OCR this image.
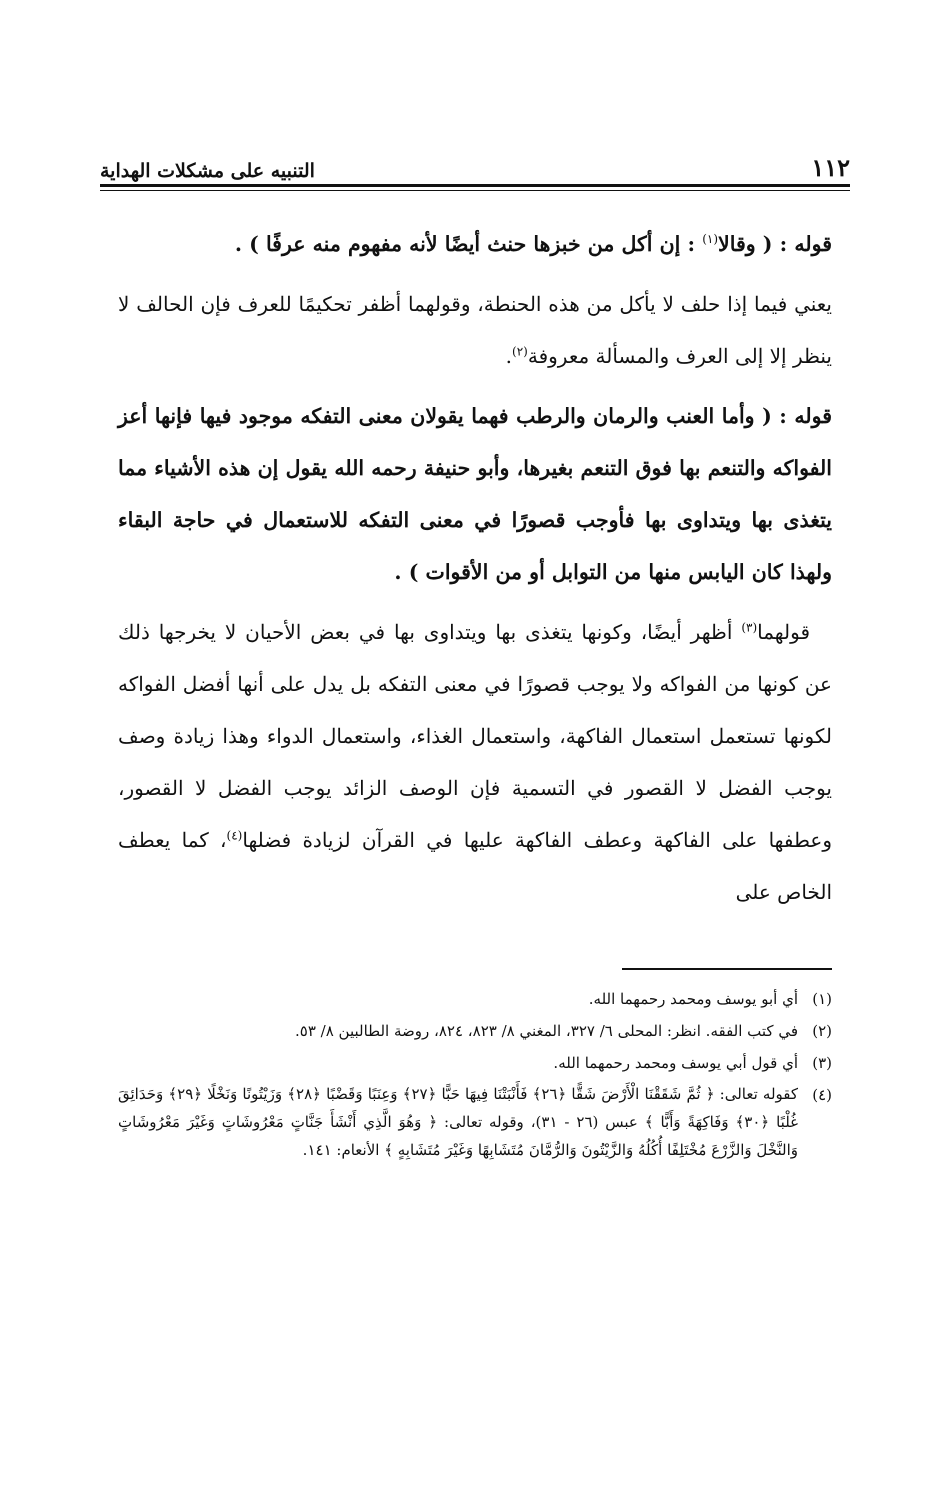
١١٢
التنبيه على مشكلات الهداية

قوله : ( وقالا$^{(١)}$ : إن أكل من خبزها حنث أيضًا لأنه مفهوم منه عرفًا ) .

يعني فيما إذا حلف لا يأكل من هذه الحنطة، وقولهما أظفر تحكيمًا للعرف فإن الحالف لا ينظر إلا إلى العرف والمسألة معروفة$^{(٢)}$.

قوله : ( وأما العنب والرمان والرطب فهما يقولان معنى التفكه موجود فيها فإنها أعز الفواكه والتنعم بها فوق التنعم بغيرها، وأبو حنيفة رحمه الله يقول إن هذه الأشياء مما يتغذى بها ويتداوى بها فأوجب قصورًا في معنى التفكه للاستعمال في حاجة البقاء ولهذا كان اليابس منها من التوابل أو من الأقوات ) .

قولهما$^{(٣)}$ أظهر أيضًا، وكونها يتغذى بها ويتداوى بها في بعض الأحيان لا يخرجها ذلك عن كونها من الفواكه ولا يوجب قصورًا في معنى التفكه بل يدل على أنها أفضل الفواكه لكونها تستعمل استعمال الفاكهة، واستعمال الغذاء، واستعمال الدواء وهذا زيادة وصف يوجب الفضل لا القصور في التسمية فإن الوصف الزائد يوجب الفضل لا القصور، وعطفها على الفاكهة وعطف الفاكهة عليها في القرآن لزيادة فضلها$^{(٤)}$، كما يعطف الخاص على

(١)
أي أبو يوسف ومحمد رحمهما الله.
(٢)
في كتب الفقه. انظر: المحلى ٦/ ٣٢٧، المغني ٨/ ٨٢٣، ٨٢٤، روضة الطالبين ٨/ ٥٣.
(٣)
أي قول أبي يوسف ومحمد رحمهما الله.
(٤)
كقوله تعالى: ﴿ ثُمَّ شَقَقْنَا الْأَرْضَ شَقًّا ﴿٢٦﴾ فَأَنْبَتْنَا فِيهَا حَبًّا ﴿٢٧﴾ وَعِنَبًا وَقَضْبًا ﴿٢٨﴾ وَزَيْتُونًا وَنَخْلًا ﴿٢٩﴾ وَحَدَائِقَ غُلْبًا ﴿٣٠﴾ وَفَاكِهَةً وَأَبًّا ﴾ عبس (٢٦ - ٣١)، وقوله تعالى: ﴿ وَهُوَ الَّذِي أَنْشَأَ جَنَّاتٍ مَعْرُوشَاتٍ وَغَيْرَ مَعْرُوشَاتٍ وَالنَّخْلَ وَالزَّرْعَ مُخْتَلِفًا أُكُلُهُ وَالزَّيْتُونَ وَالرُّمَّانَ مُتَشَابِهًا وَغَيْرَ مُتَشَابِهٍ ﴾ الأنعام: ١٤١.
